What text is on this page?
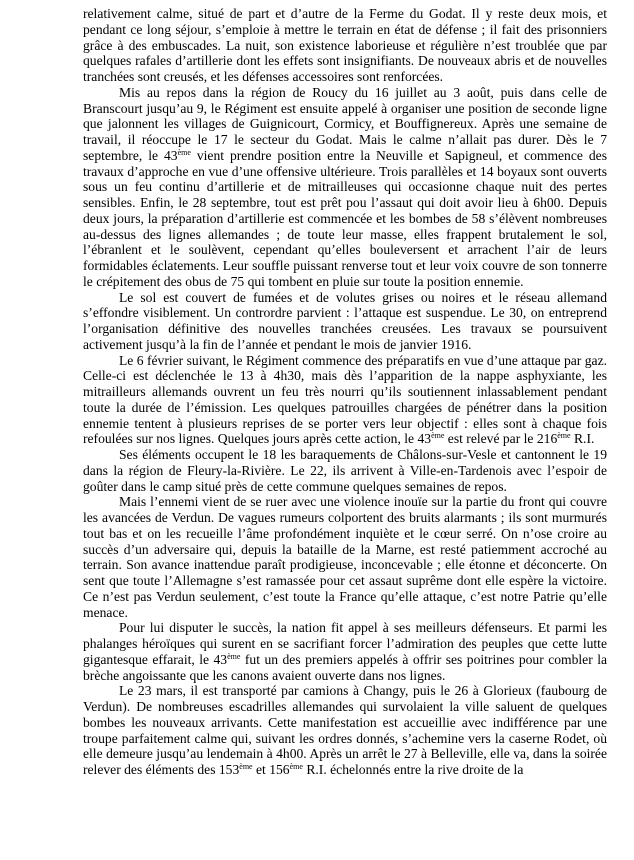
relativement calme, situé de part et d’autre de la Ferme du Godat. Il y reste deux mois, et pendant ce long séjour, s’emploie à mettre le terrain en état de défense ; il fait des prisonniers grâce à des embuscades. La nuit, son existence laborieuse et régulière n’est troublée que par quelques rafales d’artillerie dont les effets sont insignifiants. De nouveaux abris et de nouvelles tranchées sont creusés, et les défenses accessoires sont renforcées.

Mis au repos dans la région de Roucy du 16 juillet au 3 août, puis dans celle de Branscourt jusqu’au 9, le Régiment est ensuite appelé à organiser une position de seconde ligne que jalonnent les villages de Guignicourt, Cormicy, et Bouffignereux. Après une semaine de travail, il réoccupe le 17 le secteur du Godat. Mais le calme n’allait pas durer. Dès le 7 septembre, le 43ème vient prendre position entre la Neuville et Sapigneul, et commence des travaux d’approche en vue d’une offensive ultérieure. Trois parallèles et 14 boyaux sont ouverts sous un feu continu d’artillerie et de mitrailleuses qui occasionne chaque nuit des pertes sensibles. Enfin, le 28 septembre, tout est prêt pou l’assaut qui doit avoir lieu à 6h00. Depuis deux jours, la préparation d’artillerie est commencée et les bombes de 58 s’élèvent nombreuses au-dessus des lignes allemandes ; de toute leur masse, elles frappent brutalement le sol, l’ébranlent et le soulèvent, cependant qu’elles bouleversent et arrachent l’air de leurs formidables éclatements. Leur souffle puissant renverse tout et leur voix couvre de son tonnerre le crépitement des obus de 75 qui tombent en pluie sur toute la position ennemie.

Le sol est couvert de fumées et de volutes grises ou noires et le réseau allemand s’effondre visiblement. Un contrordre parvient : l’attaque est suspendue. Le 30, on entreprend l’organisation définitive des nouvelles tranchées creusées. Les travaux se poursuivent activement jusqu’à la fin de l’année et pendant le mois de janvier 1916.

Le 6 février suivant, le Régiment commence des préparatifs en vue d’une attaque par gaz. Celle-ci est déclenchée le 13 à 4h30, mais dès l’apparition de la nappe asphyxiante, les mitrailleurs allemands ouvrent un feu très nourri qu’ils soutiennent inlassablement pendant toute la durée de l’émission. Les quelques patrouilles chargées de pénétrer dans la position ennemie tentent à plusieurs reprises de se porter vers leur objectif : elles sont à chaque fois refoulées sur nos lignes. Quelques jours après cette action, le 43ème est relevé par le 216ème R.I.

Ses éléments occupent le 18 les baraquements de Châlons-sur-Vesle et cantonnent le 19 dans la région de Fleury-la-Rivière. Le 22, ils arrivent à Ville-en-Tardenois avec l’espoir de goûter dans le camp situé près de cette commune quelques semaines de repos.

Mais l’ennemi vient de se ruer avec une violence inouïe sur la partie du front qui couvre les avancées de Verdun. De vagues rumeurs colportent des bruits alarmants ; ils sont murmurés tout bas et on les recueille l’âme profondément inquiète et le cœur serré. On n’ose croire au succès d’un adversaire qui, depuis la bataille de la Marne, est resté patiemment accroché au terrain. Son avance inattendue paraît prodigieuse, inconcevable ; elle étonne et déconcerte. On sent que toute l’Allemagne s’est ramassée pour cet assaut suprême dont elle espère la victoire. Ce n’est pas Verdun seulement, c’est toute la France qu’elle attaque, c’est notre Patrie qu’elle menace.

Pour lui disputer le succès, la nation fit appel à ses meilleurs défenseurs. Et parmi les phalanges héroïques qui surent en se sacrifiant forcer l’admiration des peuples que cette lutte gigantesque effarait, le 43ème fut un des premiers appelés à offrir ses poitrines pour combler la brèche angoissante que les canons avaient ouverte dans nos lignes.

Le 23 mars, il est transporté par camions à Changy, puis le 26 à Glorieux (faubourg de Verdun). De nombreuses escadrilles allemandes qui survolaient la ville saluent de quelques bombes les nouveaux arrivants. Cette manifestation est accueillie avec indifférence par une troupe parfaitement calme qui, suivant les ordres donnés, s’achemine vers la caserne Rodet, où elle demeure jusqu’au lendemain à 4h00. Après un arrêt le 27 à Belleville, elle va, dans la soirée relever des éléments des 153ème et 156ème R.I. échelonnés entre la rive droite de la
